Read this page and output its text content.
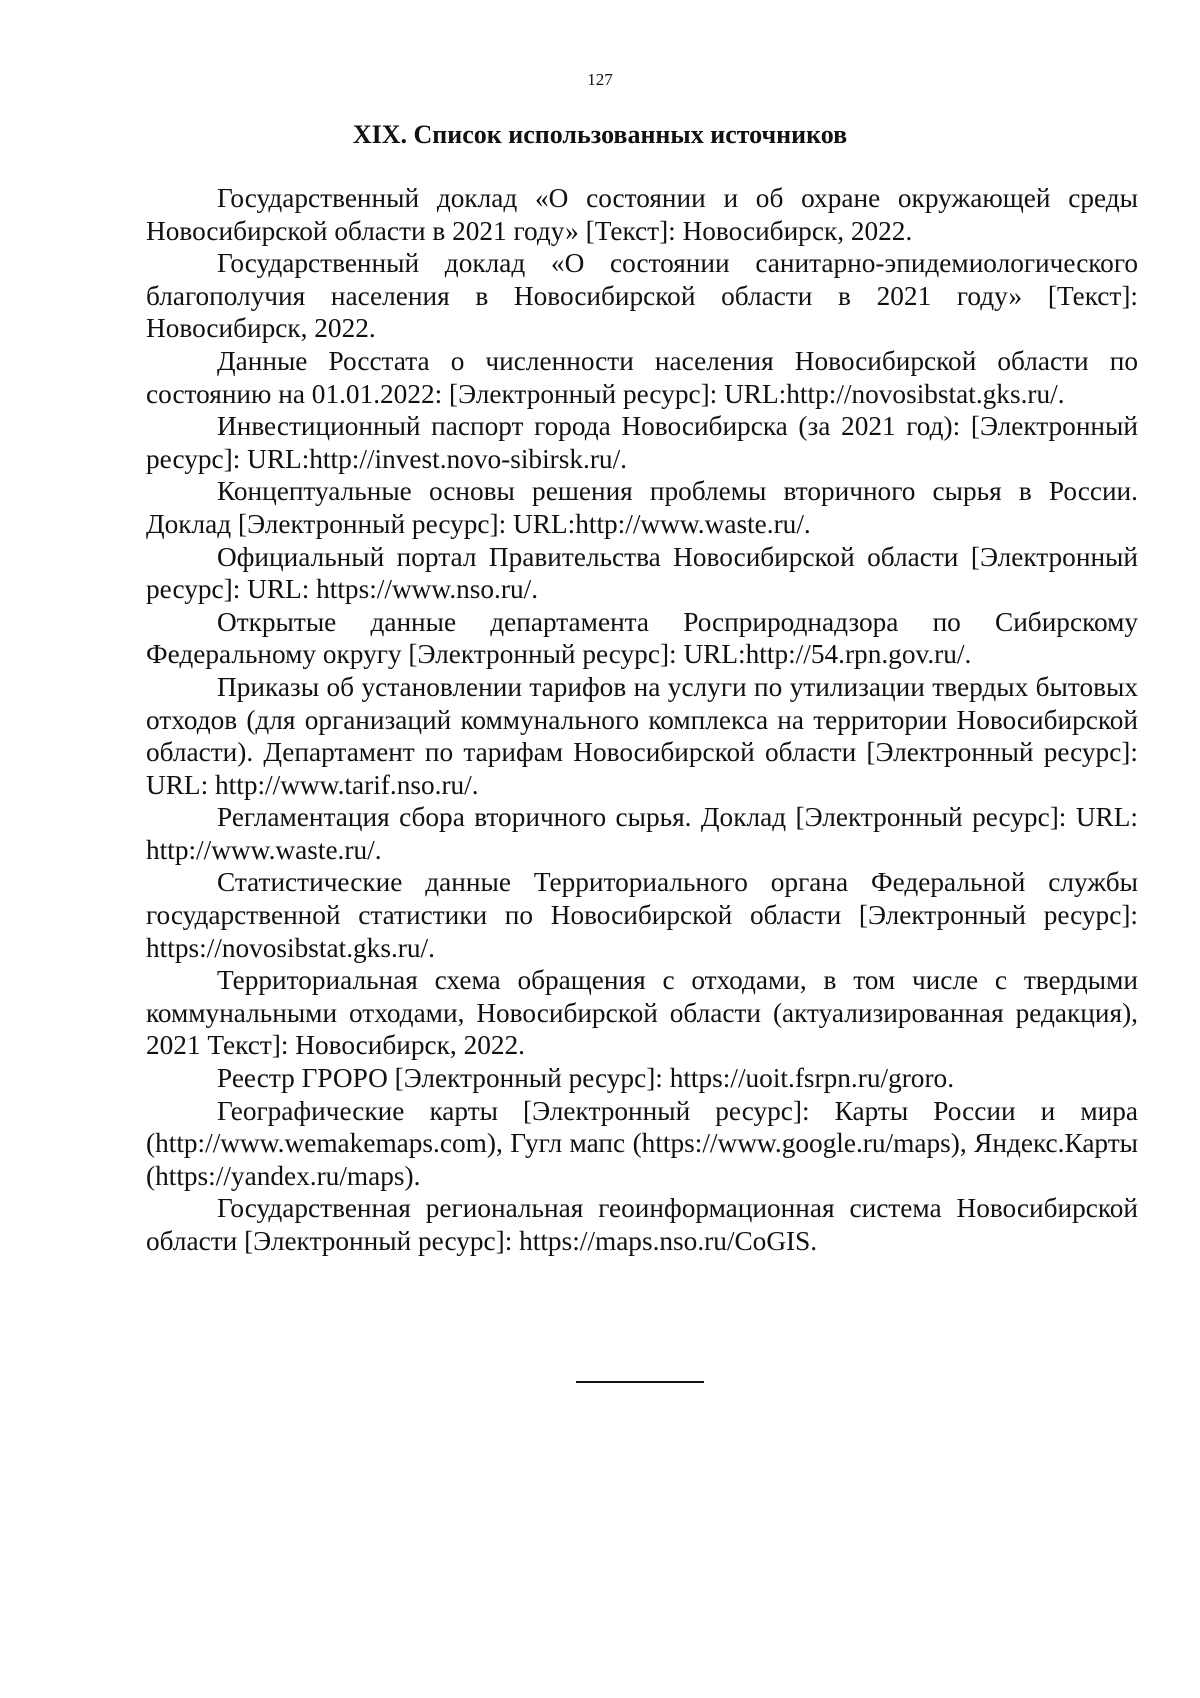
127
XIX. Список использованных источников
Государственный доклад «О состоянии и об охране окружающей среды Новосибирской области в 2021 году» [Текст]: Новосибирск, 2022.
Государственный доклад «О состоянии санитарно-эпидемиологического благополучия населения в Новосибирской области в 2021 году» [Текст]: Новосибирск, 2022.
Данные Росстата о численности населения Новосибирской области по состоянию на 01.01.2022: [Электронный ресурс]: URL:http://novosibstat.gks.ru/.
Инвестиционный паспорт города Новосибирска (за 2021 год): [Электронный ресурс]: URL:http://invest.novo-sibirsk.ru/.
Концептуальные основы решения проблемы вторичного сырья в России. Доклад [Электронный ресурс]: URL:http://www.waste.ru/.
Официальный портал Правительства Новосибирской области [Электронный ресурс]: URL: https://www.nso.ru/.
Открытые данные департамента Росприроднадзора по Сибирскому Федеральному округу [Электронный ресурс]: URL:http://54.rpn.gov.ru/.
Приказы об установлении тарифов на услуги по утилизации твердых бытовых отходов (для организаций коммунального комплекса на территории Новосибирской области). Департамент по тарифам Новосибирской области [Электронный ресурс]: URL: http://www.tarif.nso.ru/.
Регламентация сбора вторичного сырья. Доклад [Электронный ресурс]: URL: http://www.waste.ru/.
Статистические данные Территориального органа Федеральной службы государственной статистики по Новосибирской области [Электронный ресурс]: https://novosibstat.gks.ru/.
Территориальная схема обращения с отходами, в том числе с твердыми коммунальными отходами, Новосибирской области (актуализированная редакция), 2021 Текст]: Новосибирск, 2022.
Реестр ГРОРО [Электронный ресурс]: https://uoit.fsrpn.ru/groro.
Географические карты [Электронный ресурс]: Карты России и мира (http://www.wemakemaps.com), Гугл мапс (https://www.google.ru/maps), Яндекс.Карты (https://yandex.ru/maps).
Государственная региональная геоинформационная система Новосибирской области [Электронный ресурс]: https://maps.nso.ru/CoGIS.
